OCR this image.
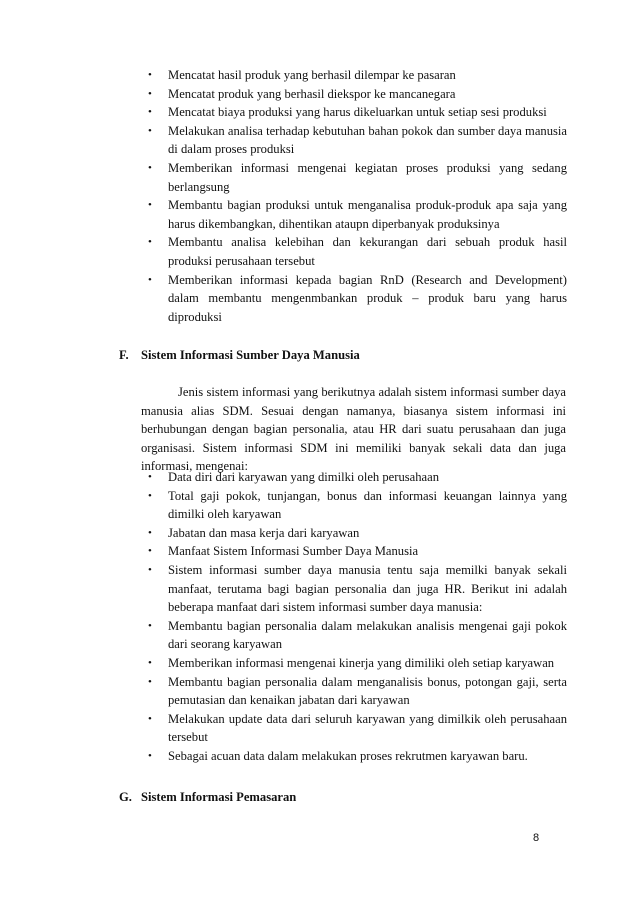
• Mencatat hasil produk yang berhasil dilempar ke pasaran
• Mencatat produk yang berhasil diekspor ke mancanegara
• Mencatat biaya produksi yang harus dikeluarkan untuk setiap sesi produksi
• Melakukan analisa terhadap kebutuhan bahan pokok dan sumber daya manusia di dalam proses produksi
• Memberikan informasi mengenai kegiatan proses produksi yang sedang berlangsung
• Membantu bagian produksi untuk menganalisa produk-produk apa saja yang harus dikembangkan, dihentikan ataupn diperbanyak produksinya
• Membantu analisa kelebihan dan kekurangan dari sebuah produk hasil produksi perusahaan tersebut
• Memberikan informasi kepada bagian RnD (Research and Development) dalam membantu mengenmbankan produk – produk baru yang harus diproduksi
F. Sistem Informasi Sumber Daya Manusia

Jenis sistem informasi yang berikutnya adalah sistem informasi sumber daya manusia alias SDM. Sesuai dengan namanya, biasanya sistem informasi ini berhubungan dengan bagian personalia, atau HR dari suatu perusahaan dan juga organisasi. Sistem informasi SDM ini memiliki banyak sekali data dan juga informasi, mengenai:

• Data diri dari karyawan yang dimilki oleh perusahaan
• Total gaji pokok, tunjangan, bonus dan informasi keuangan lainnya yang dimilki oleh karyawan
• Jabatan dan masa kerja dari karyawan
• Manfaat Sistem Informasi Sumber Daya Manusia
• Sistem informasi sumber daya manusia tentu saja memilki banyak sekali manfaat, terutama bagi bagian personalia dan juga HR. Berikut ini adalah beberapa manfaat dari sistem informasi sumber daya manusia:
• Membantu bagian personalia dalam melakukan analisis mengenai gaji pokok dari seorang karyawan
• Memberikan informasi mengenai kinerja yang dimiliki oleh setiap karyawan
• Membantu bagian personalia dalam menganalisis bonus, potongan gaji, serta pemutasian dan kenaikan jabatan dari karyawan
• Melakukan update data dari seluruh karyawan yang dimilkik oleh perusahaan tersebut
• Sebagai acuan data dalam melakukan proses rekrutmen karyawan baru.
G. Sistem Informasi Pemasaran
8
